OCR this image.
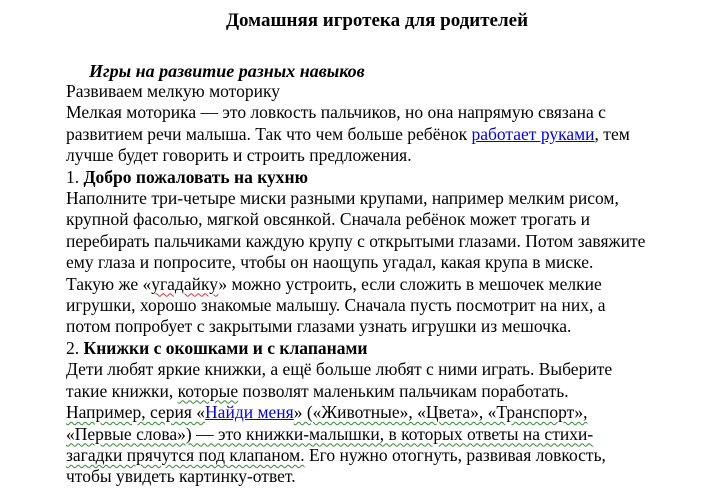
Домашняя игротека для родителей
Игры на развитие разных навыков
Развиваем мелкую моторику
Мелкая моторика — это ловкость пальчиков, но она напрямую связана с
развитием речи малыша. Так что чем больше ребёнок работает руками, тем
лучше будет говорить и строить предложения.
1. Добро пожаловать на кухню
Наполните три-четыре миски разными крупами, например мелким рисом,
крупной фасолью, мягкой овсянкой. Сначала ребёнок может трогать и
перебирать пальчиками каждую крупу с открытыми глазами. Потом завяжите
ему глаза и попросите, чтобы он наощупь угадал, какая крупа в миске.
Такую же «угадайку» можно устроить, если сложить в мешочек мелкие
игрушки, хорошо знакомые малышу. Сначала пусть посмотрит на них, а
потом попробует с закрытыми глазами узнать игрушки из мешочка.
2. Книжки с окошками и с клапанами
Дети любят яркие книжки, а ещё больше любят с ними играть. Выберите
такие книжки, которые позволят маленьким пальчикам поработать.
Например, серия «Найди меня» («Животные», «Цвета», «Транспорт»,
«Первые слова») — это книжки-малышки, в которых ответы на стихи-
загадки прячутся под клапаном. Его нужно отогнуть, развивая ловкость,
чтобы увидеть картинку-ответ.
